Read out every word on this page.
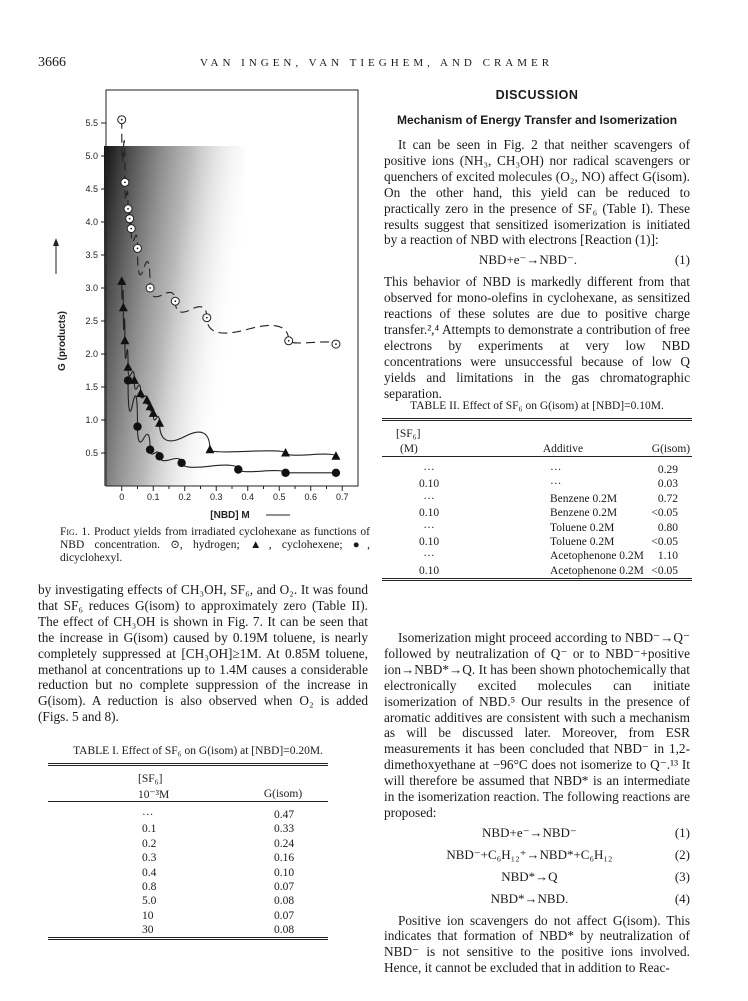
3666	VAN INGEN, VAN TIEGHEM, AND CRAMER
0	0.1 0.2 0.3 0.4 0.5 0.6 0.7
0.5
1.0
1.5
2.0
2.5
3.0
3.5
4.0
4.5
5.0
5.5
G (products)
[NBD] M
Fig. 1. Product yields from irradiated cyclohexane as functions of NBD concentration. ⊙, hydrogen; ▲, cyclohexene; ●, dicyclohexyl.

by investigating effects of CH₃OH, SF₆, and O₂. It was found that SF₆ reduces G(isom) to approximately zero (Table II). The effect of CH₃OH is shown in Fig. 7. It can be seen that the increase in G(isom) caused by 0.19M toluene, is nearly completely suppressed at [CH₃OH]≥1M. At 0.85M toluene, methanol at concentrations up to 1.4M causes a considerable reduction but no complete suppression of the increase in G(isom). A reduction is also observed when O₂ is added (Figs. 5 and 8).

TABLE I. Effect of SF₆ on G(isom) at [NBD]=0.20M.

[SF₆]	
10⁻³M	G(isom)

···	0.47
0.1	0.33
0.2	0.24
0.3	0.16
0.4	0.10
0.8	0.07
5.0	0.08
10	0.07
30	0.08

DISCUSSION
Mechanism of Energy Transfer and Isomerization

It can be seen in Fig. 2 that neither scavengers of positive ions (NH₃, CH₃OH) nor radical scavengers or quenchers of excited molecules (O₂, NO) affect G(isom). On the other hand, this yield can be reduced to practically zero in the presence of SF₆ (Table I). These results suggest that sensitized isomerization is initiated by a reaction of NBD with electrons [Reaction (1)]:

NBD+e⁻→NBD⁻.	(1)

This behavior of NBD is markedly different from that observed for mono-olefins in cyclohexane, as sensitized reactions of these solutes are due to positive charge transfer.²,⁴ Attempts to demonstrate a contribution of free electrons by experiments at very low NBD concentrations were unsuccessful because of low Q yields and limitations in the gas chromatographic separation.

TABLE II. Effect of SF₆ on G(isom) at [NBD]=0.10M.

[SF₆]		
(M)	Additive	G(isom)

···	···	0.29
0.10	···	0.03
···	Benzene 0.2M	0.72
0.10	Benzene 0.2M	<0.05
···	Toluene 0.2M	0.80
0.10	Toluene 0.2M	<0.05
···	Acetophenone 0.2M	1.10
0.10	Acetophenone 0.2M	<0.05

Isomerization might proceed according to NBD⁻→Q⁻ followed by neutralization of Q⁻ or to NBD⁻+positive ion→NBD*→Q. It has been shown photochemically that electronically excited molecules can initiate isomerization of NBD.⁵ Our results in the presence of aromatic additives are consistent with such a mechanism as will be discussed later. Moreover, from ESR measurements it has been concluded that NBD⁻ in 1,2-dimethoxyethane at −96°C does not isomerize to Q⁻.¹³ It will therefore be assumed that NBD* is an intermediate in the isomerization reaction. The following reactions are proposed:

NBD+e⁻→NBD⁻	(1)
NBD⁻+C₆H₁₂⁺→NBD*+C₆H₁₂	(2)
NBD*→Q	(3)
NBD*→NBD.	(4)

Positive ion scavengers do not affect G(isom). This indicates that formation of NBD* by neutralization of NBD⁻ is not sensitive to the positive ions involved. Hence, it cannot be excluded that in addition to Reac-
